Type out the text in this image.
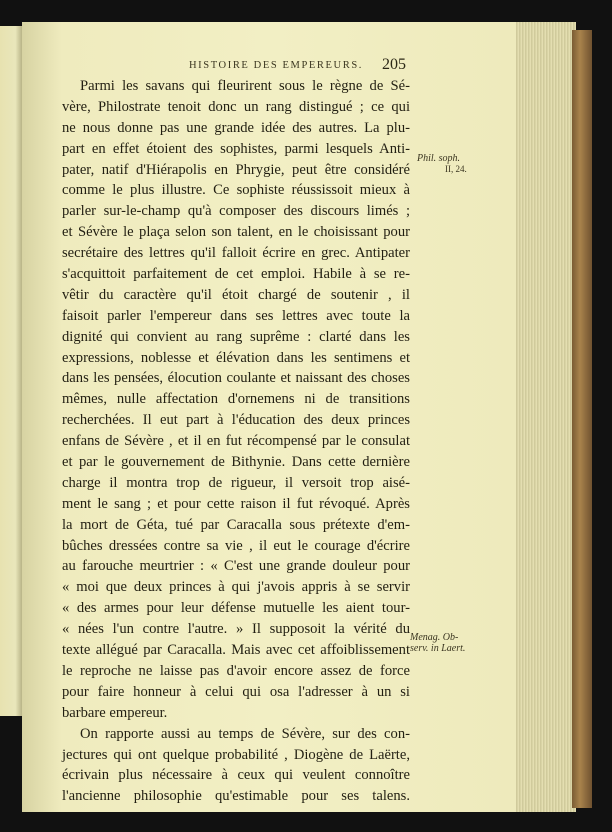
HISTOIRE DES EMPEREURS.	205
Parmi les savans qui fleurirent sous le règne de Sé-
vère, Philostrate tenoit donc un rang distingué ; ce qui
ne nous donne pas une grande idée des autres. La plu-
part en effet étoient des sophistes, parmi lesquels Anti-
pater, natif d'Hiérapolis en Phrygie, peut être considéré
comme le plus illustre. Ce sophiste réussissoit mieux à
parler sur-le-champ qu'à composer des discours limés ;
et Sévère le plaça selon son talent, en le choisissant pour
secrétaire des lettres qu'il falloit écrire en grec. Antipater
s'acquittoit parfaitement de cet emploi. Habile à se re-
vêtir du caractère qu'il étoit chargé de soutenir , il
faisoit parler l'empereur dans ses lettres avec toute la
dignité qui convient au rang suprême : clarté dans les
expressions, noblesse et élévation dans les sentimens et
dans les pensées, élocution coulante et naissant des choses
mêmes, nulle affectation d'ornemens ni de transitions
recherchées. Il eut part à l'éducation des deux princes
enfans de Sévère , et il en fut récompensé par le consulat
et par le gouvernement de Bithynie. Dans cette dernière
charge il montra trop de rigueur, il versoit trop aisé-
ment le sang ; et pour cette raison il fut révoqué. Après
la mort de Géta, tué par Caracalla sous prétexte d'em-
bûches dressées contre sa vie , il eut le courage d'écrire
au farouche meurtrier : « C'est une grande douleur pour
« moi que deux princes à qui j'avois appris à se servir
« des armes pour leur défense mutuelle les aient tour-
« nées l'un contre l'autre. » Il supposoit la vérité du
texte allégué par Caracalla. Mais avec cet affoiblissement
le reproche ne laisse pas d'avoir encore assez de force
pour faire honneur à celui qui osa l'adresser à un si
barbare empereur.
On rapporte aussi au temps de Sévère, sur des con-
jectures qui ont quelque probabilité , Diogène de Laërte,
écrivain plus nécessaire à ceux qui veulent connoître
l'ancienne philosophie qu'estimable pour ses talens.
Phil. soph.
II, 24.
Menag. Ob-
serv. in Laert.
